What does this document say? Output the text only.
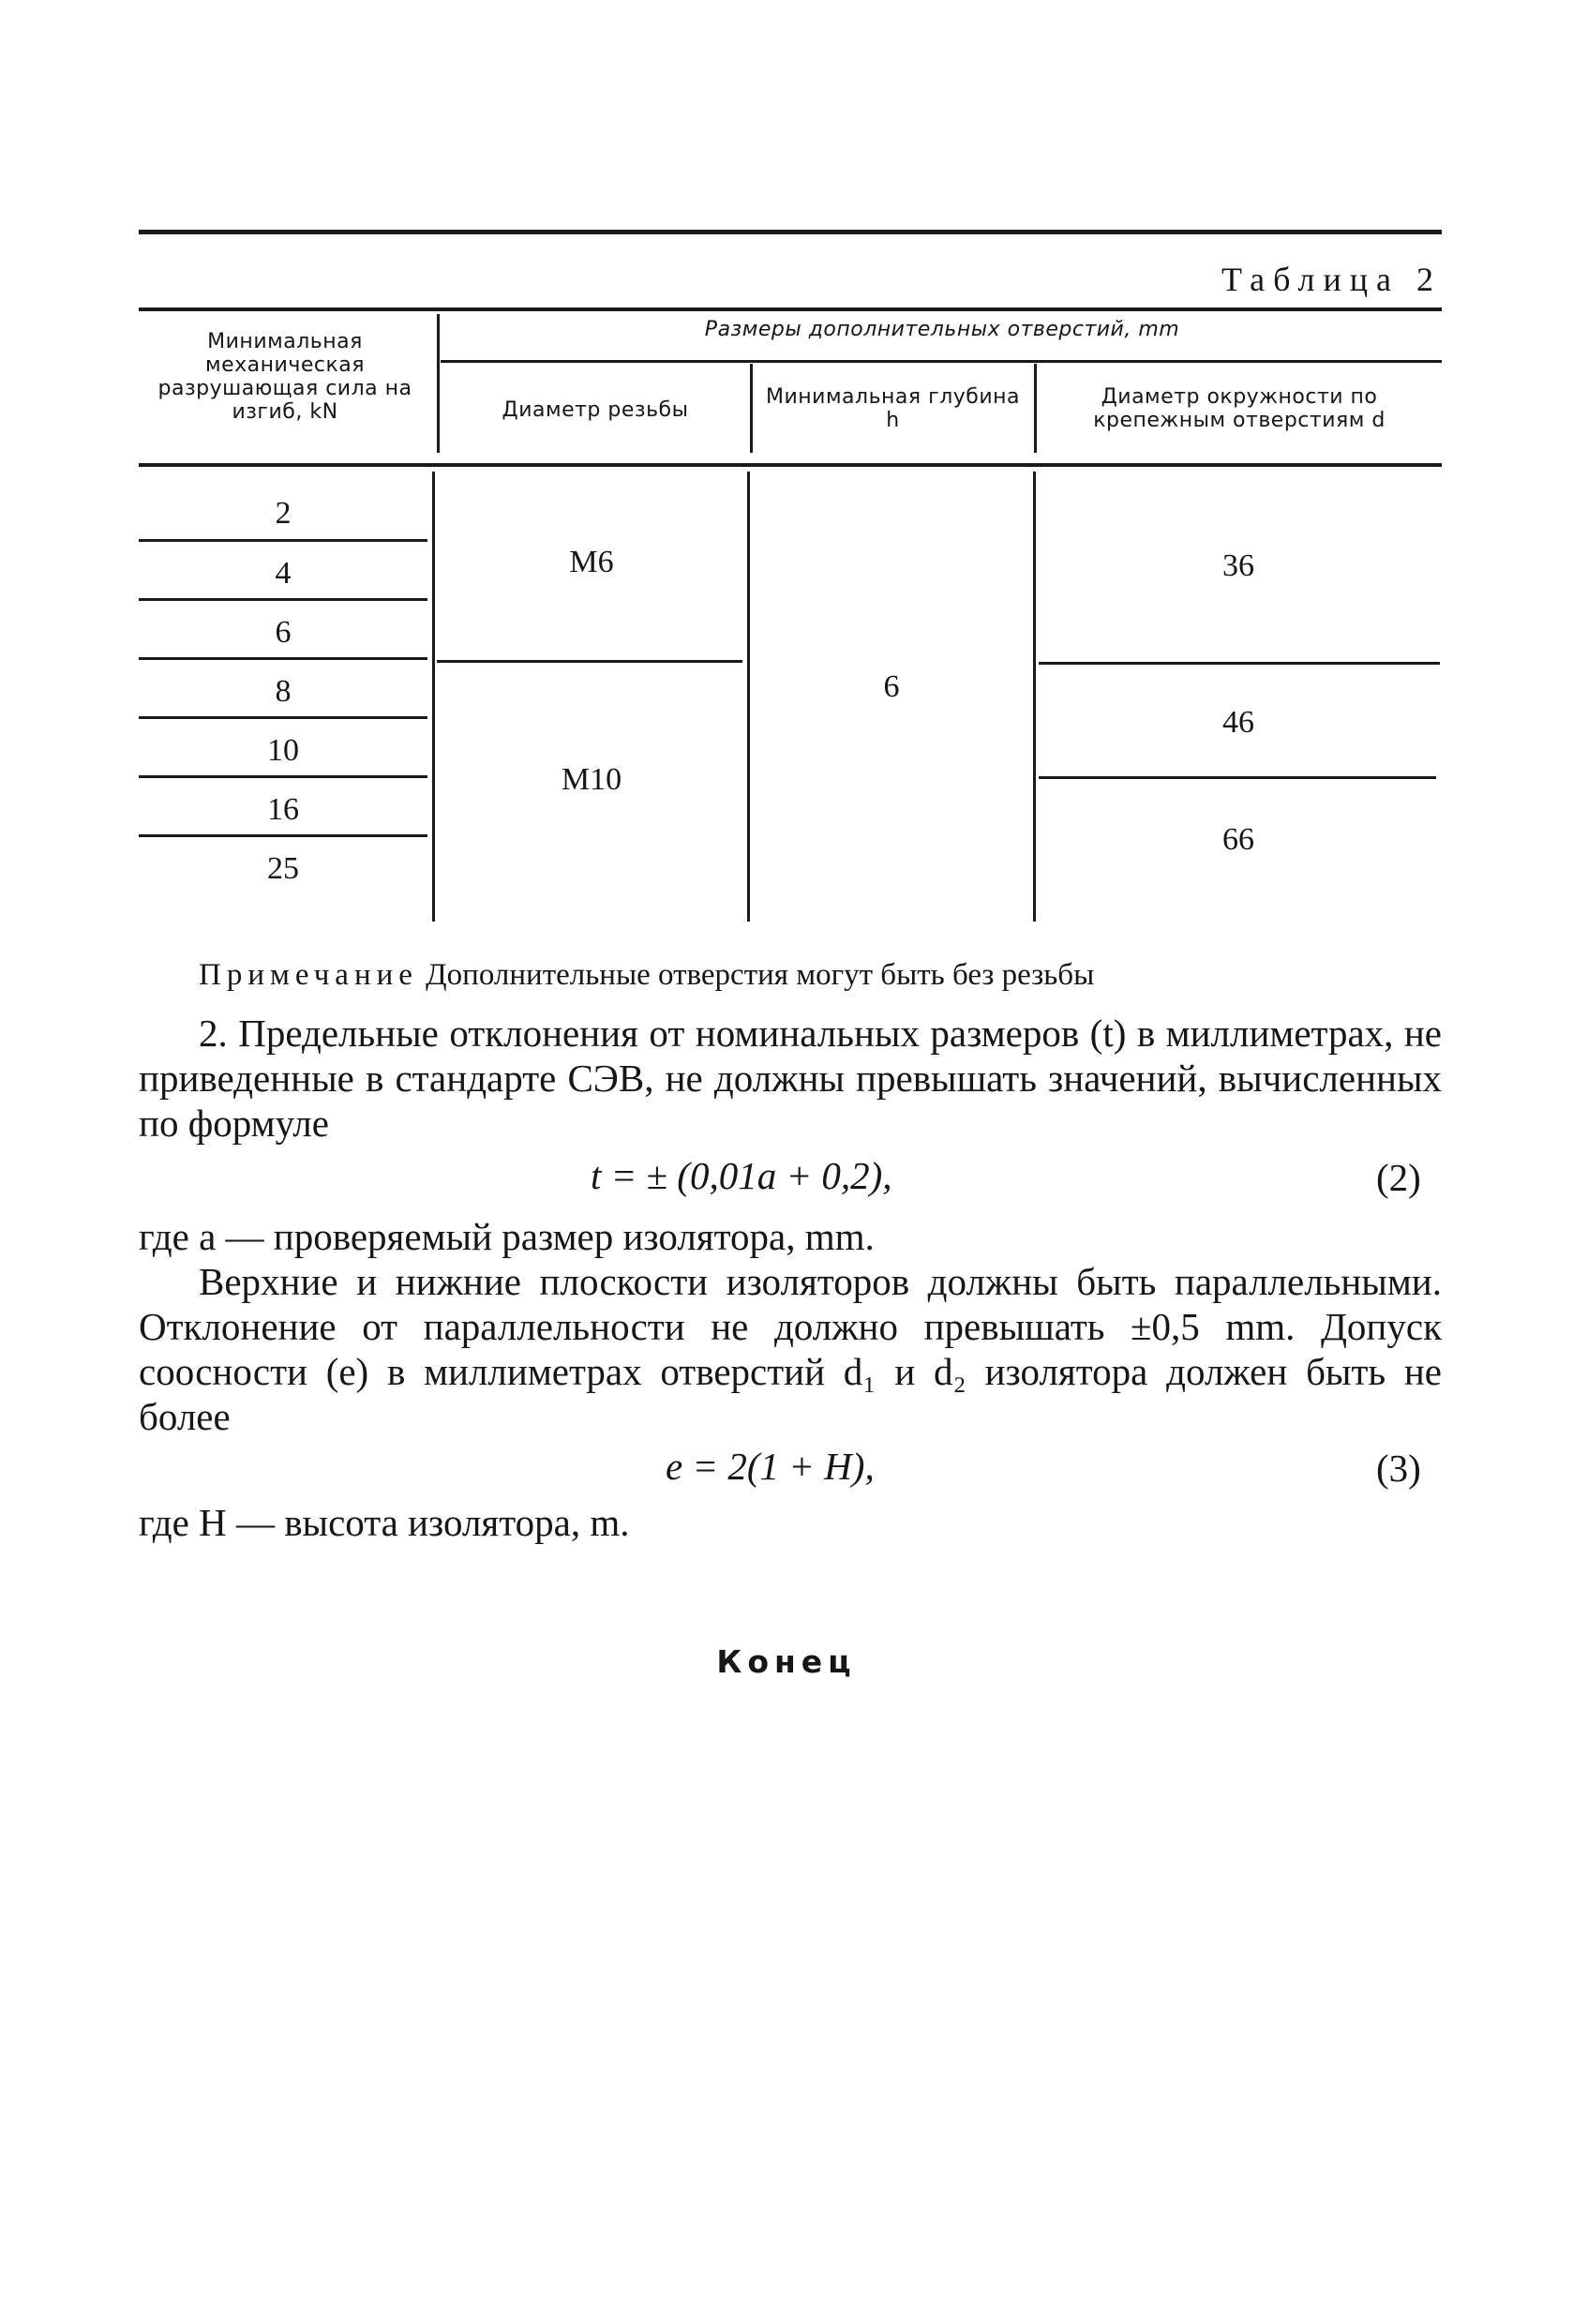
Таблица 2
Минимальная механическая разрушающая сила на изгиб, kN
Размеры дополнительных отверстий, mm
Диаметр резьбы
Минимальная глубина h
Диаметр окружности по крепежным отверстиям d
2
4
6
8
10
16
25
M6
M10
6
36
46
66
Примечание Дополнительные отверстия могут быть без резьбы
2. Предельные отклонения от номинальных размеров (t) в миллиметрах, не приведенные в стандарте СЭВ, не должны превышать значений, вычисленных по формуле
t = ± (0,01a + 0,2),	(2)
где a — проверяемый размер изолятора, mm.
Верхние и нижние плоскости изоляторов должны быть параллельными. Отклонение от параллельности не должно превышать ±0,5 mm. Допуск соосности (e) в миллиметрах отверстий d₁ и d₂ изолятора должен быть не более
e = 2(1 + H),	(3)
где H — высота изолятора, m.
Конец
